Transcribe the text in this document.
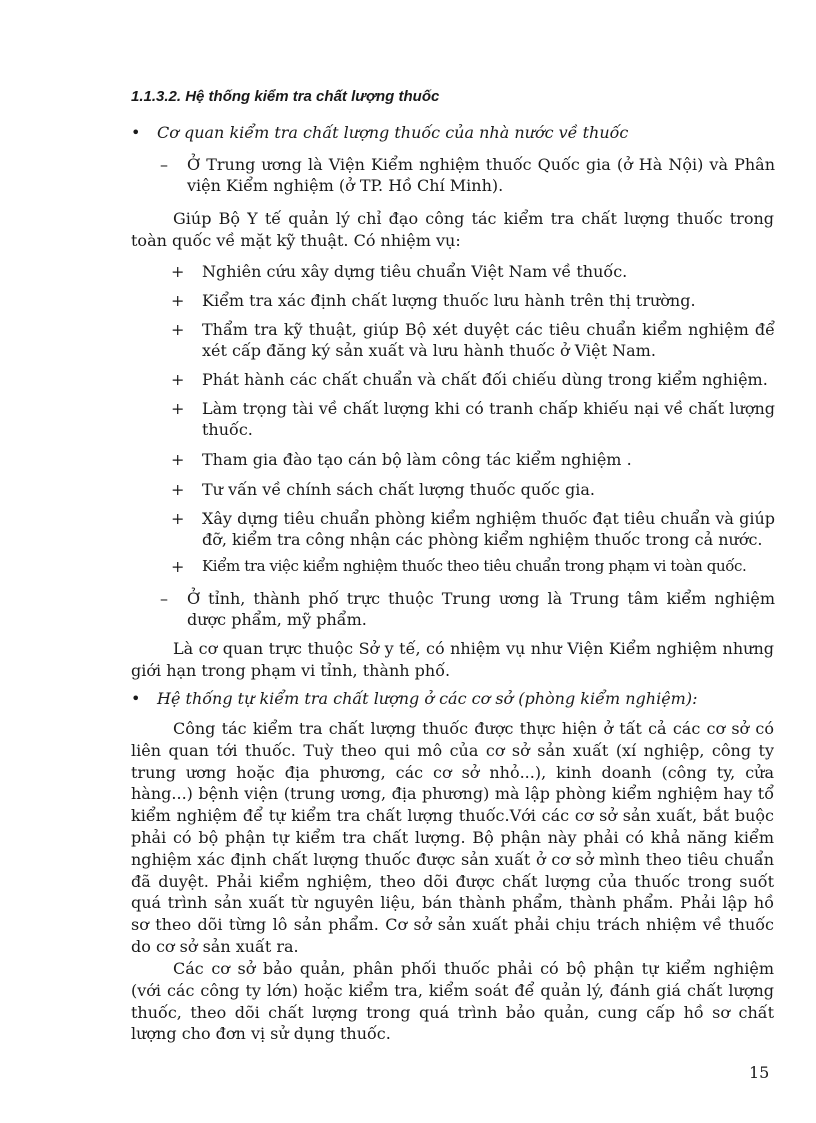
1.1.3.2. Hệ thống kiểm tra chất lượng thuốc
• Cơ quan kiểm tra chất lượng thuốc của nhà nước về thuốc
– Ở Trung ương là Viện Kiểm nghiệm thuốc Quốc gia (ở Hà Nội) và Phân viện Kiểm nghiệm (ở TP. Hồ Chí Minh).
Giúp Bộ Y tế quản lý chỉ đạo công tác kiểm tra chất lượng thuốc trong toàn quốc về mặt kỹ thuật. Có nhiệm vụ:
+ Nghiên cứu xây dựng tiêu chuẩn Việt Nam về thuốc.
+ Kiểm tra xác định chất lượng thuốc lưu hành trên thị trường.
+ Thẩm tra kỹ thuật, giúp Bộ xét duyệt các tiêu chuẩn kiểm nghiệm để xét cấp đăng ký sản xuất và lưu hành thuốc ở Việt Nam.
+ Phát hành các chất chuẩn và chất đối chiếu dùng trong kiểm nghiệm.
+ Làm trọng tài về chất lượng khi có tranh chấp khiếu nại về chất lượng thuốc.
+ Tham gia đào tạo cán bộ làm công tác kiểm nghiệm .
+ Tư vấn về chính sách chất lượng thuốc quốc gia.
+ Xây dựng tiêu chuẩn phòng kiểm nghiệm thuốc đạt tiêu chuẩn và giúp đỡ, kiểm tra công nhận các phòng kiểm nghiệm thuốc trong cả nước.
+ Kiểm tra việc kiểm nghiệm thuốc theo tiêu chuẩn trong phạm vi toàn quốc.
– Ở tỉnh, thành phố trực thuộc Trung ương là Trung tâm kiểm nghiệm dược phẩm, mỹ phẩm.
Là cơ quan trực thuộc Sở y tế, có nhiệm vụ như Viện Kiểm nghiệm nhưng giới hạn trong phạm vi tỉnh, thành phố.
• Hệ thống tự kiểm tra chất lượng ở các cơ sở (phòng kiểm nghiệm):
Công tác kiểm tra chất lượng thuốc được thực hiện ở tất cả các cơ sở có liên quan tới thuốc. Tuỳ theo qui mô của cơ sở sản xuất (xí nghiệp, công ty trung ương hoặc địa phương, các cơ sở nhỏ...), kinh doanh (công ty, cửa hàng...) bệnh viện (trung ương, địa phương) mà lập phòng kiểm nghiệm hay tổ kiểm nghiệm để tự kiểm tra chất lượng thuốc.Với các cơ sở sản xuất, bắt buộc phải có bộ phận tự kiểm tra chất lượng. Bộ phận này phải có khả năng kiểm nghiệm xác định chất lượng thuốc được sản xuất ở cơ sở mình theo tiêu chuẩn đã duyệt. Phải kiểm nghiệm, theo dõi được chất lượng của thuốc trong suốt quá trình sản xuất từ nguyên liệu, bán thành phẩm, thành phẩm. Phải lập hồ sơ theo dõi từng lô sản phẩm. Cơ sở sản xuất phải chịu trách nhiệm về thuốc do cơ sở sản xuất ra.
Các cơ sở bảo quản, phân phối thuốc phải có bộ phận tự kiểm nghiệm (với các công ty lớn) hoặc kiểm tra, kiểm soát để quản lý, đánh giá chất lượng thuốc, theo dõi chất lượng trong quá trình bảo quản, cung cấp hồ sơ chất lượng cho đơn vị sử dụng thuốc.
15
